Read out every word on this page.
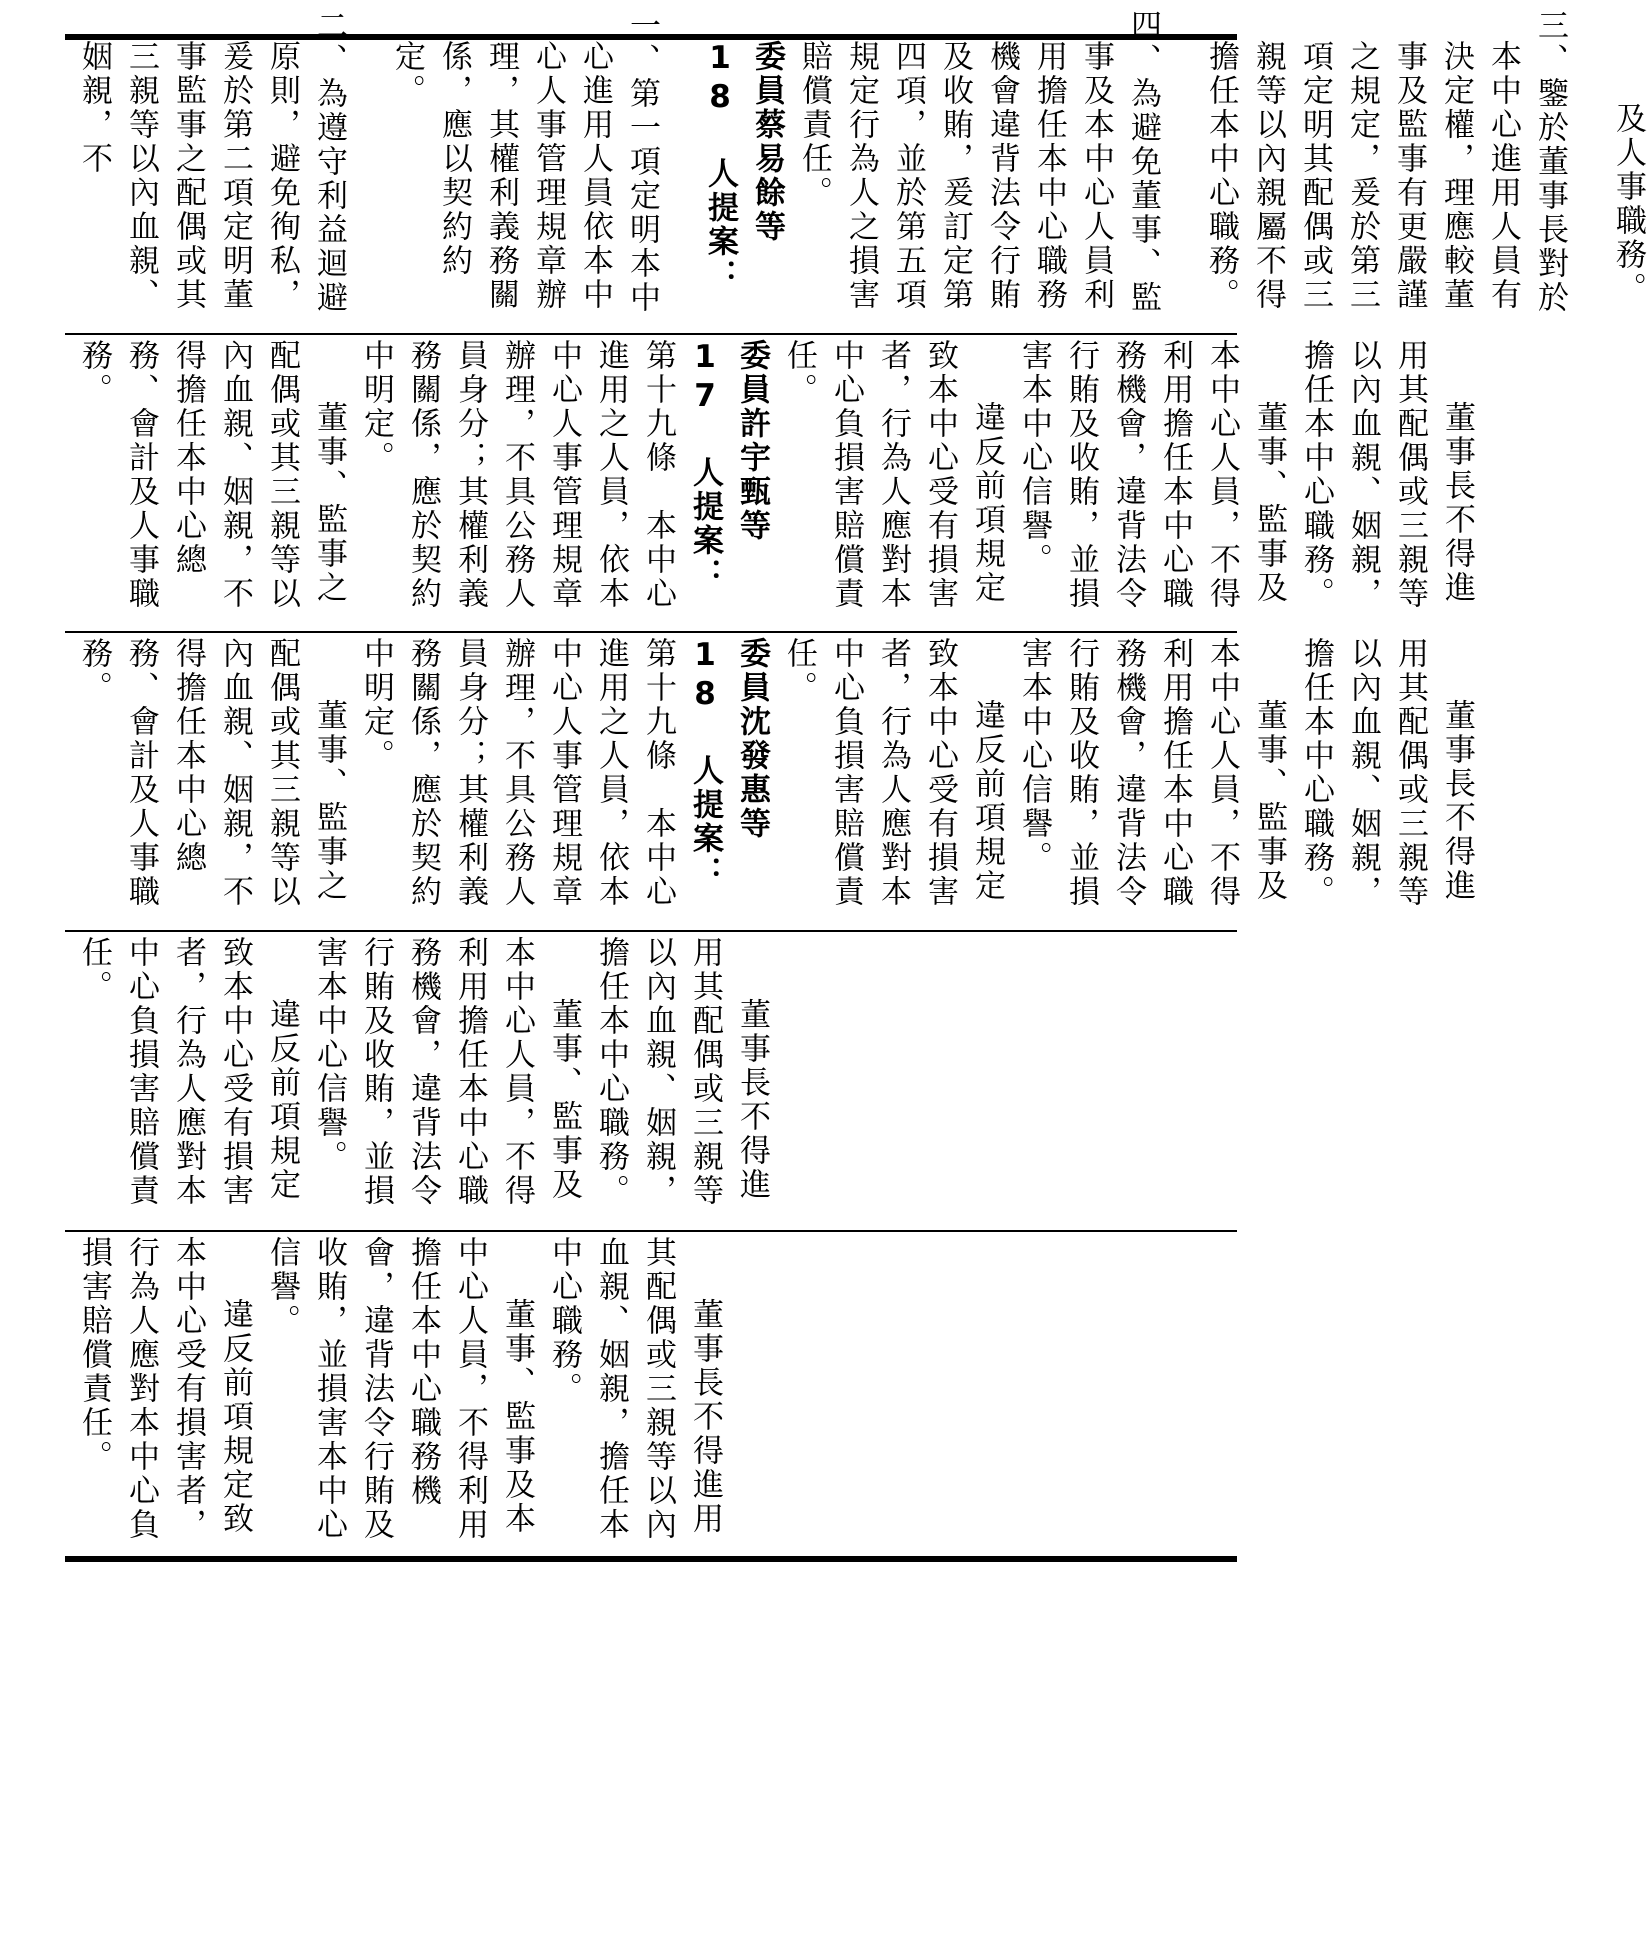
及人事職務。
三、鑒於董事長對於本中心進用人員有決定權，理應較董事及監事有更嚴謹之規定，爰於第三項定明其配偶或三親等以內親屬不得擔任本中心職務。
四、為避免董事、監事及本中心人員利用擔任本中心職務機會違背法令行賄及收賄，爰訂定第四項，並於第五項規定行為人之損害賠償責任。
委員蔡易餘等 18 人提案：
一、第一項定明本中心進用人員依本中心人事管理規章辦理，其權利義務關係，應以契約約定。
二、為遵守利益迴避原則，避免徇私，爰於第二項定明董事監事之配偶或其三親等以內血親、姻親，不
董事長不得進用其配偶或三親等以內血親、姻親，擔任本中心職務。
董事、監事及本中心人員，不得利用擔任本中心職務機會，違背法令行賄及收賄，並損害本中心信譽。
違反前項規定致本中心受有損害者，行為人應對本中心負損害賠償責任。
委員許宇甄等 17 人提案：
第十九條　本中心進用之人員，依本中心人事管理規章辦理，不具公務人員身分；其權利義務關係，應於契約中明定。
董事、監事之配偶或其三親等以內血親、姻親，不得擔任本中心總務、會計及人事職務。
董事長不得進用其配偶或三親等以內血親、姻親，擔任本中心職務。
董事、監事及本中心人員，不得利用擔任本中心職務機會，違背法令行賄及收賄，並損害本中心信譽。
違反前項規定致本中心受有損害者，行為人應對本中心負損害賠償責任。
委員沈發惠等 18 人提案：
第十九條　本中心進用之人員，依本中心人事管理規章辦理，不具公務人員身分；其權利義務關係，應於契約中明定。
董事、監事之配偶或其三親等以內血親、姻親，不得擔任本中心總務、會計及人事職務。
董事長不得進用其配偶或三親等以內血親、姻親，擔任本中心職務。
董事、監事及本中心人員，不得利用擔任本中心職務機會，違背法令行賄及收賄，並損害本中心信譽。
違反前項規定致本中心受有損害者，行為人應對本中心負損害賠償責任。
董事長不得進用其配偶或三親等以內血親、姻親，擔任本中心職務。
董事、監事及本中心人員，不得利用擔任本中心職務機會，違背法令行賄及收賄，並損害本中心信譽。
違反前項規定致本中心受有損害者，行為人應對本中心負損害賠償責任。
